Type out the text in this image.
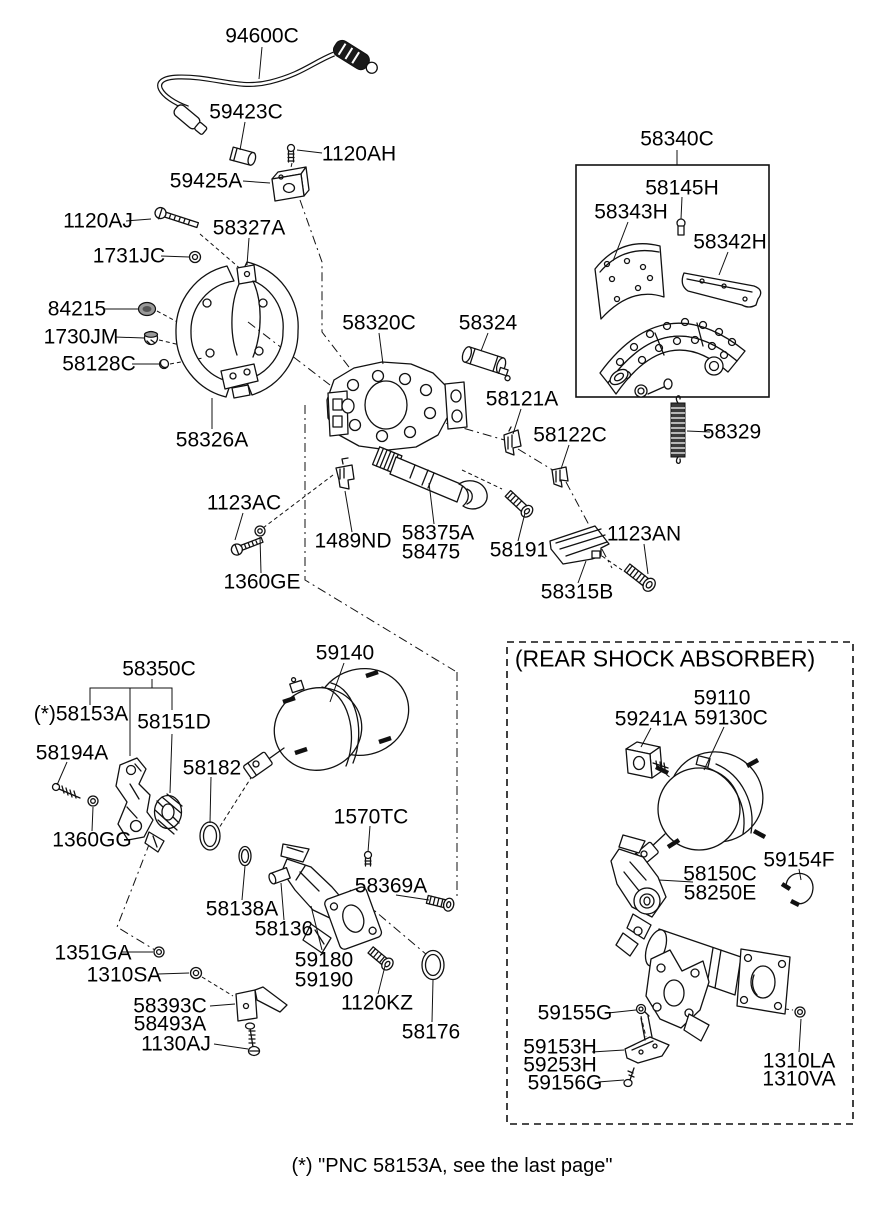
94600C
59423C
1120AH
59425A
1120AJ	58327A
1731JC
84215
58320C 58324
1730JM
58128C
58340C
58145H
58343H
58342H
58121A
58122C
58326A	58329
1123AC
1489ND 58375A
58475 58191
1123AN
1360GE	58315B
59140
58350C
(*)58153A 58151D
58194A
58182
1570TC
1360GG
58369A
58138A
58136
59180
59190
1351GA
1310SA
1120KZ
58176
58393C
58493A
1130AJ
(REAR SHOCK ABSORBER)
59110
59241A 59130C
58150C
58250E
59154F
59155G
59153H
59253H
59156G
1310LA
1310VA
(*) "PNC 58153A, see the last page"
